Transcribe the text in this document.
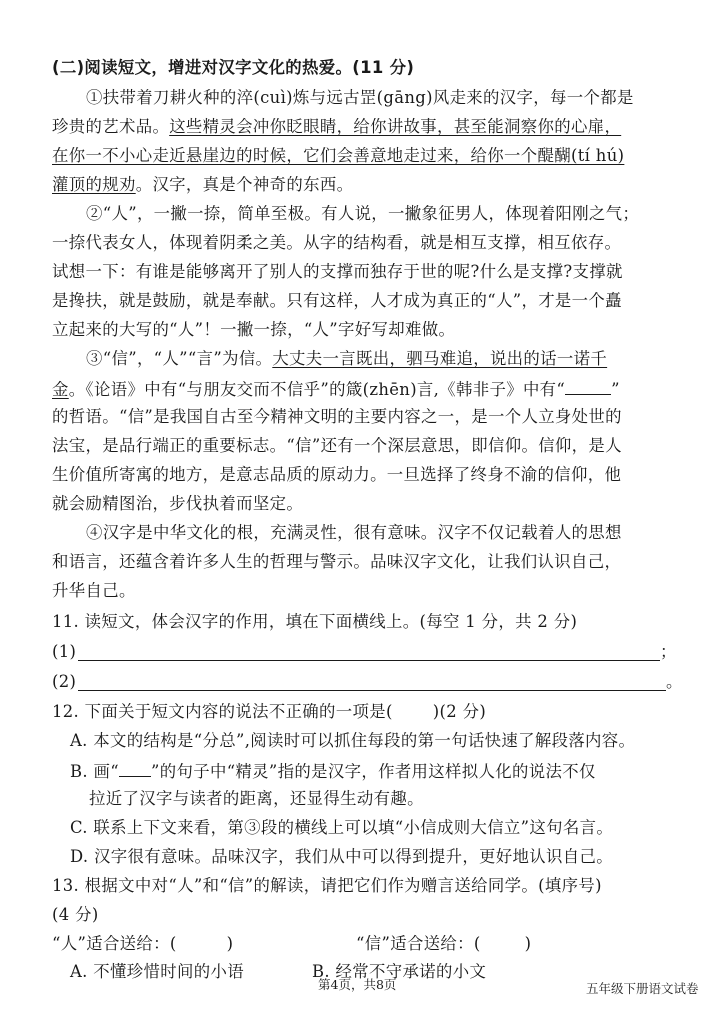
(二)阅读短文，增进对汉字文化的热爱。(11 分)
①扶带着刀耕火种的淬(cuì)炼与远古罡(gāng)风走来的汉字，每一个都是
珍贵的艺术品。这些精灵会冲你眨眼睛，给你讲故事，甚至能洞察你的心扉，
在你一不小心走近悬崖边的时候，它们会善意地走过来，给你一个醍醐(tí hú)
灌顶的规劝。汉字，真是个神奇的东西。
②“人”，一撇一捺，简单至极。有人说，一撇象征男人，体现着阳刚之气；
一捺代表女人，体现着阴柔之美。从字的结构看，就是相互支撑，相互依存。
试想一下：有谁是能够离开了别人的支撑而独存于世的呢?什么是支撑?支撑就
是搀扶，就是鼓励，就是奉献。只有这样，人才成为真正的“人”，才是一个矗
立起来的大写的“人”！一撇一捺，“人”字好写却难做。
③“信”，“人”“言”为信。大丈夫一言既出，驷马难追，说出的话一诺千
金。《论语》中有“与朋友交而不信乎”的箴(zhēn)言,《韩非子》中有“	”
的哲语。“信”是我国自古至今精神文明的主要内容之一，是一个人立身处世的
法宝，是品行端正的重要标志。“信”还有一个深层意思，即信仰。信仰，是人
生价值所寄寓的地方，是意志品质的原动力。一旦选择了终身不渝的信仰，他
就会励精图治，步伐执着而坚定。
④汉字是中华文化的根，充满灵性，很有意味。汉字不仅记载着人的思想
和语言，还蕴含着许多人生的哲理与警示。品味汉字文化，让我们认识自己，
升华自己。
11. 读短文，体会汉字的作用，填在下面横线上。(每空 1 分，共 2 分)
(1)	；
(2)	。
12. 下面关于短文内容的说法不正确的一项是( )(2 分)
A. 本文的结构是“分总”,阅读时可以抓住每段的第一句话快速了解段落内容。
B. 画“ ”的句子中“精灵”指的是汉字，作者用这样拟人化的说法不仅
拉近了汉字与读者的距离，还显得生动有趣。
C. 联系上下文来看，第③段的横线上可以填“小信成则大信立”这句名言。
D. 汉字很有意味。品味汉字，我们从中可以得到提升，更好地认识自己。
13. 根据文中对“人”和“信”的解读，请把它们作为赠言送给同学。(填序号)
(4 分)
“人”适合送给：(	)	“信”适合送给：(	)
A. 不懂珍惜时间的小语	B. 经常不守承诺的小文
第4页，共8页	五年级下册语文试卷
